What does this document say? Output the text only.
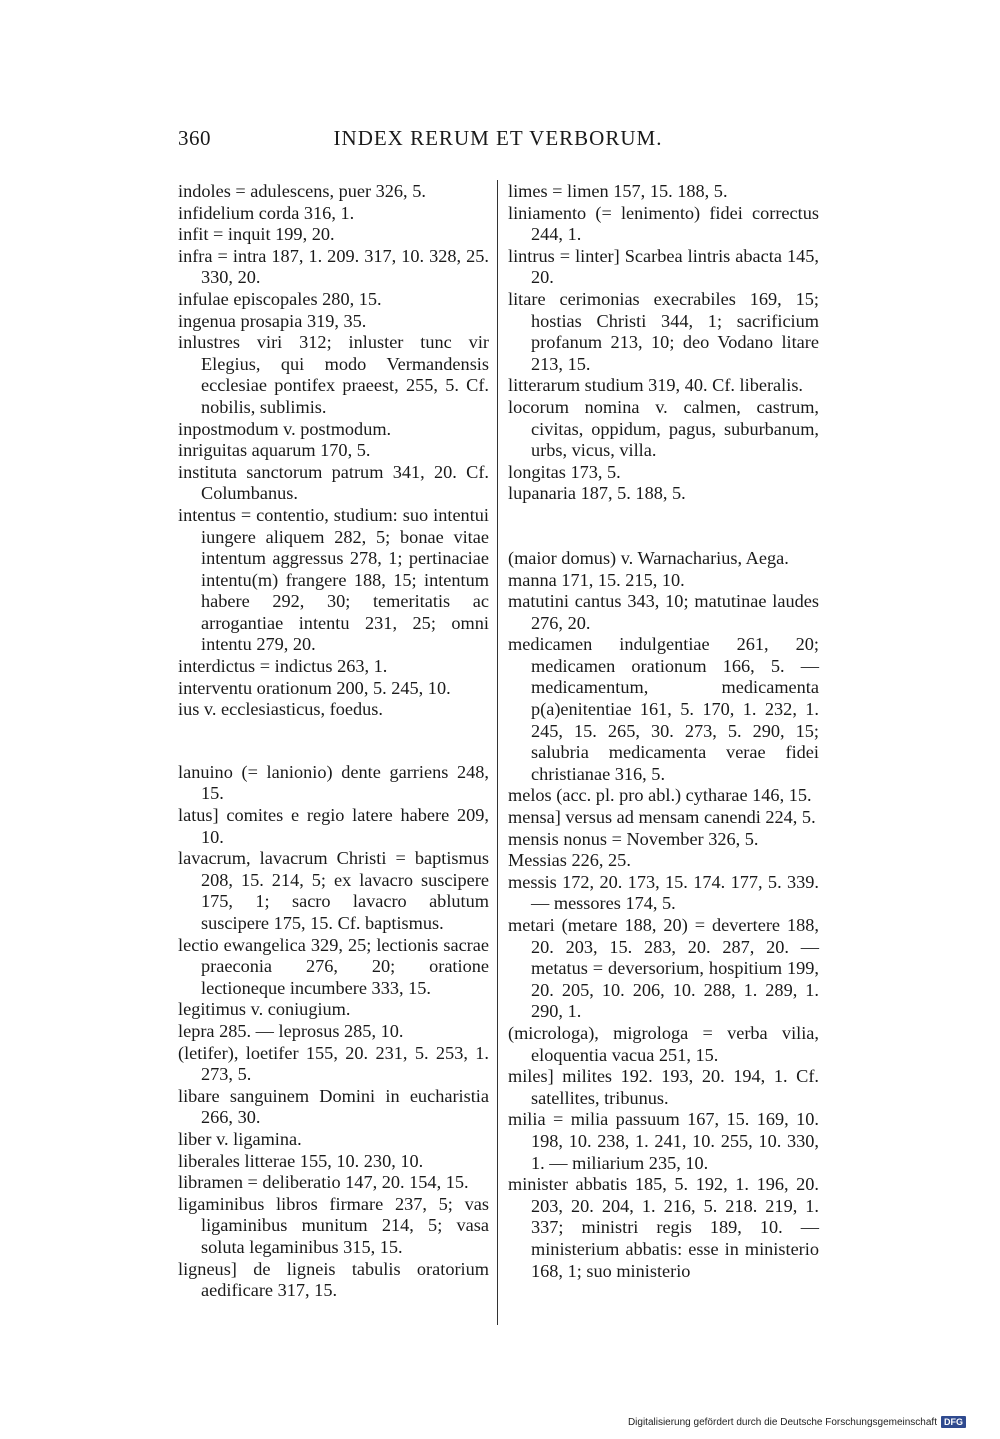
360	INDEX RERUM ET VERBORUM.
indoles = adulescens, puer 326, 5.
infidelium corda 316, 1.
infit = inquit 199, 20.
infra = intra 187, 1. 209. 317, 10. 328, 25. 330, 20.
infulae episcopales 280, 15.
ingenua prosapia 319, 35.
inlustres viri 312; inluster tunc vir Elegius, qui modo Vermandensis ecclesiae pontifex praeest, 255, 5. Cf. nobilis, sublimis.
inpostmodum v. postmodum.
inriguitas aquarum 170, 5.
instituta sanctorum patrum 341, 20. Cf. Columbanus.
intentus = contentio, studium: suo intentui iungere aliquem 282, 5; bonae vitae intentum aggressus 278, 1; pertinaciae intentu(m) frangere 188, 15; intentum habere 292, 30; temeritatis ac arrogantiae intentu 231, 25; omni intentu 279, 20.
interdictus = indictus 263, 1.
interventu orationum 200, 5. 245, 10.
ius v. ecclesiasticus, foedus.
lanuino (= lanionio) dente garriens 248, 15.
latus] comites e regio latere habere 209, 10.
lavacrum, lavacrum Christi = baptismus 208, 15. 214, 5; ex lavacro suscipere 175, 1; sacro lavacro ablutum suscipere 175, 15. Cf. baptismus.
lectio ewangelica 329, 25; lectionis sacrae praeconia 276, 20; oratione lectioneque incumbere 333, 15.
legitimus v. coniugium.
lepra 285. — leprosus 285, 10.
(letifer), loetifer 155, 20. 231, 5. 253, 1. 273, 5.
libare sanguinem Domini in eucharistia 266, 30.
liber v. ligamina.
liberales litterae 155, 10. 230, 10.
libramen = deliberatio 147, 20. 154, 15.
ligaminibus libros firmare 237, 5; vas ligaminibus munitum 214, 5; vasa soluta legaminibus 315, 15.
ligneus] de ligneis tabulis oratorium aedificare 317, 15.
limes = limen 157, 15. 188, 5.
liniamento (= lenimento) fidei correctus 244, 1.
lintrus = linter] Scarbea lintris abacta 145, 20.
litare cerimonias execrabiles 169, 15; hostias Christi 344, 1; sacrificium profanum 213, 10; deo Vodano litare 213, 15.
litterarum studium 319, 40. Cf. liberalis.
locorum nomina v. calmen, castrum, civitas, oppidum, pagus, suburbanum, urbs, vicus, villa.
longitas 173, 5.
lupanaria 187, 5. 188, 5.
(maior domus) v. Warnacharius, Aega.
manna 171, 15. 215, 10.
matutini cantus 343, 10; matutinae laudes 276, 20.
medicamen indulgentiae 261, 20; medicamen orationum 166, 5. — medicamentum, medicamenta p(a)enitentiae 161, 5. 170, 1. 232, 1. 245, 15. 265, 30. 273, 5. 290, 15; salubria medicamenta verae fidei christianae 316, 5.
melos (acc. pl. pro abl.) cytharae 146, 15.
mensa] versus ad mensam canendi 224, 5.
mensis nonus = November 326, 5.
Messias 226, 25.
messis 172, 20. 173, 15. 174. 177, 5. 339. — messores 174, 5.
metari (metare 188, 20) = devertere 188, 20. 203, 15. 283, 20. 287, 20. — metatus = deversorium, hospitium 199, 20. 205, 10. 206, 10. 288, 1. 289, 1. 290, 1.
(microloga), migrologa = verba vilia, eloquentia vacua 251, 15.
miles] milites 192. 193, 20. 194, 1. Cf. satellites, tribunus.
milia = milia passuum 167, 15. 169, 10. 198, 10. 238, 1. 241, 10. 255, 10. 330, 1. — miliarium 235, 10.
minister abbatis 185, 5. 192, 1. 196, 20. 203, 20. 204, 1. 216, 5. 218. 219, 1. 337; ministri regis 189, 10. — ministerium abbatis: esse in ministerio 168, 1; suo ministerio
Digitalisierung gefördert durch die Deutsche Forschungsgemeinschaft DFG
